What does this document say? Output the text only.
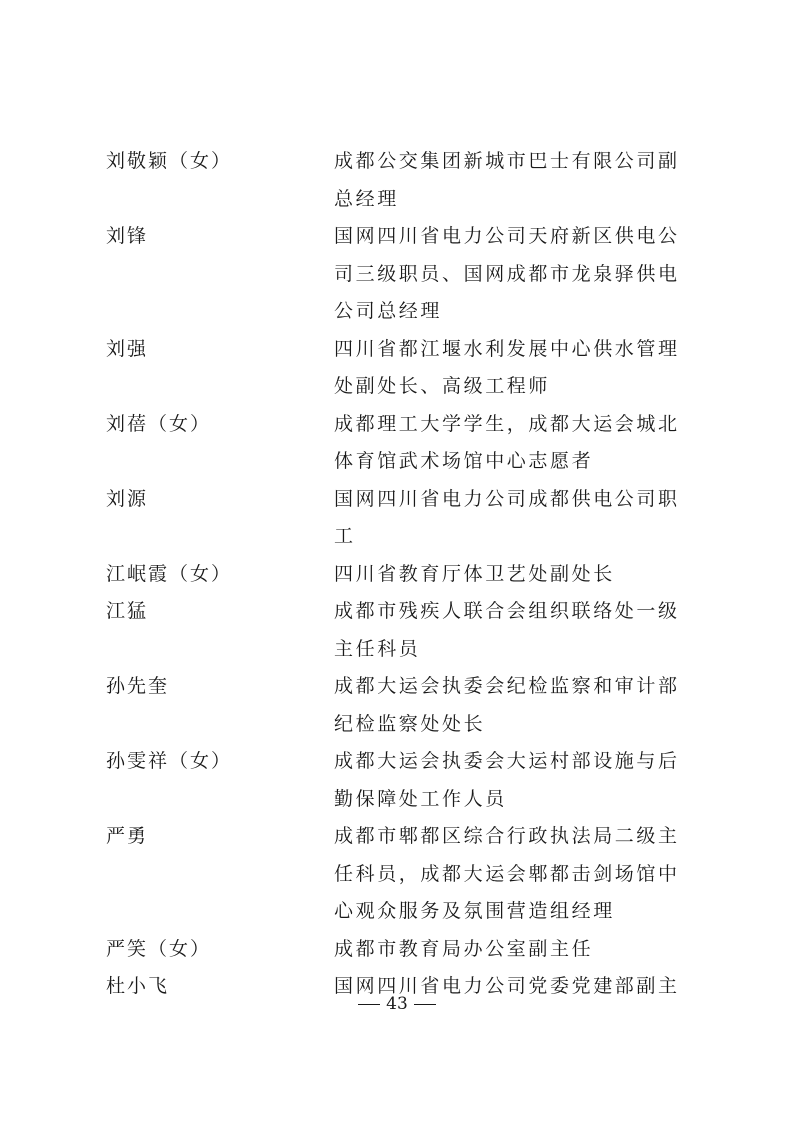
刘敬颖（女）	成都公交集团新城市巴士有限公司副总经理
刘锋	国网四川省电力公司天府新区供电公司三级职员、国网成都市龙泉驿供电公司总经理
刘强	四川省都江堰水利发展中心供水管理处副处长、高级工程师
刘蓓（女）	成都理工大学学生，成都大运会城北体育馆武术场馆中心志愿者
刘源	国网四川省电力公司成都供电公司职工
江岷霞（女）	四川省教育厅体卫艺处副处长
江猛	成都市残疾人联合会组织联络处一级主任科员
孙先奎	成都大运会执委会纪检监察和审计部纪检监察处处长
孙雯祥（女）	成都大运会执委会大运村部设施与后勤保障处工作人员
严勇	成都市郫都区综合行政执法局二级主任科员，成都大运会郫都击剑场馆中心观众服务及氛围营造组经理
严笑（女）	成都市教育局办公室副主任
杜小飞	国网四川省电力公司党委党建部副主
43
